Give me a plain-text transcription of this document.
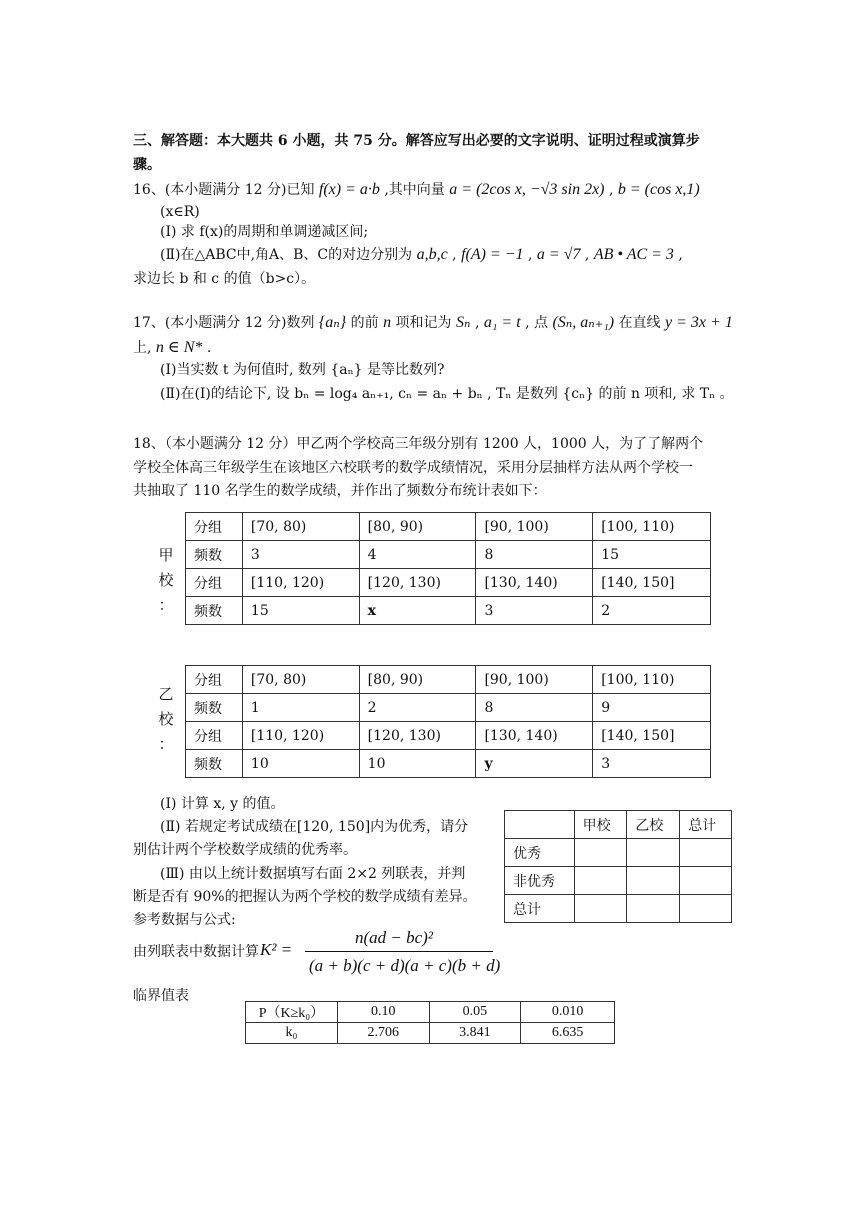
三、解答题：本大题共 6 小题，共 75 分。解答应写出必要的文字说明、证明过程或演算步
骤。
16、(本小题满分 12 分)已知 f(x) = a·b ,其中向量 a = (2cos x, −√3 sin 2x) , b = (cos x,1)
(x∈R)
(Ⅰ) 求 f(x)的周期和单调递减区间;
(Ⅱ)在△ABC中,角A、B、C的对边分别为 a,b,c , f(A) = −1 , a = √7 , AB • AC = 3 ,
求边长 b 和 c 的值（b>c）。
17、(本小题满分 12 分)数列 {aₙ} 的前 n 项和记为 Sₙ , a₁ = t , 点 (Sₙ, aₙ₊₁) 在直线 y = 3x + 1
上, n ∈ N* .
(Ⅰ)当实数 t 为何值时, 数列 {aₙ} 是等比数列?
(Ⅱ)在(Ⅰ)的结论下, 设 bₙ = log₄ aₙ₊₁, cₙ = aₙ + bₙ , Tₙ 是数列 {cₙ} 的前 n 项和, 求 Tₙ 。
18、（本小题满分 12 分）甲乙两个学校高三年级分别有 1200 人，1000 人，为了了解两个
学校全体高三年级学生在该地区六校联考的数学成绩情况，采用分层抽样方法从两个学校一
共抽取了 110 名学生的数学成绩，并作出了频数分布统计表如下：
甲
校
：
分组	[70, 80)	[80, 90)	[90, 100)	[100, 110)
频数	3	4	8	15
分组	[110, 120)	[120, 130)	[130, 140)	[140, 150]
频数	15	x	3	2
乙
校
：
分组	[70, 80)	[80, 90)	[90, 100)	[100, 110)
频数	1	2	8	9
分组	[110, 120)	[120, 130)	[130, 140)	[140, 150]
频数	10	10	y	3
(Ⅰ) 计算 x, y 的值。
(Ⅱ) 若规定考试成绩在[120, 150]内为优秀，请分
别估计两个学校数学成绩的优秀率。
(Ⅲ) 由以上统计数据填写右面 2×2 列联表，并判
断是否有 90%的把握认为两个学校的数学成绩有差异。
参考数据与公式:
	甲校	乙校	总计
优秀			
非优秀			
总计			
由列联表中数据计算 K² =
n(ad − bc)²
(a + b)(c + d)(a + c)(b + d)
临界值表
P（K≥k₀）	0.10	0.05	0.010
k₀	2.706	3.841	6.635
